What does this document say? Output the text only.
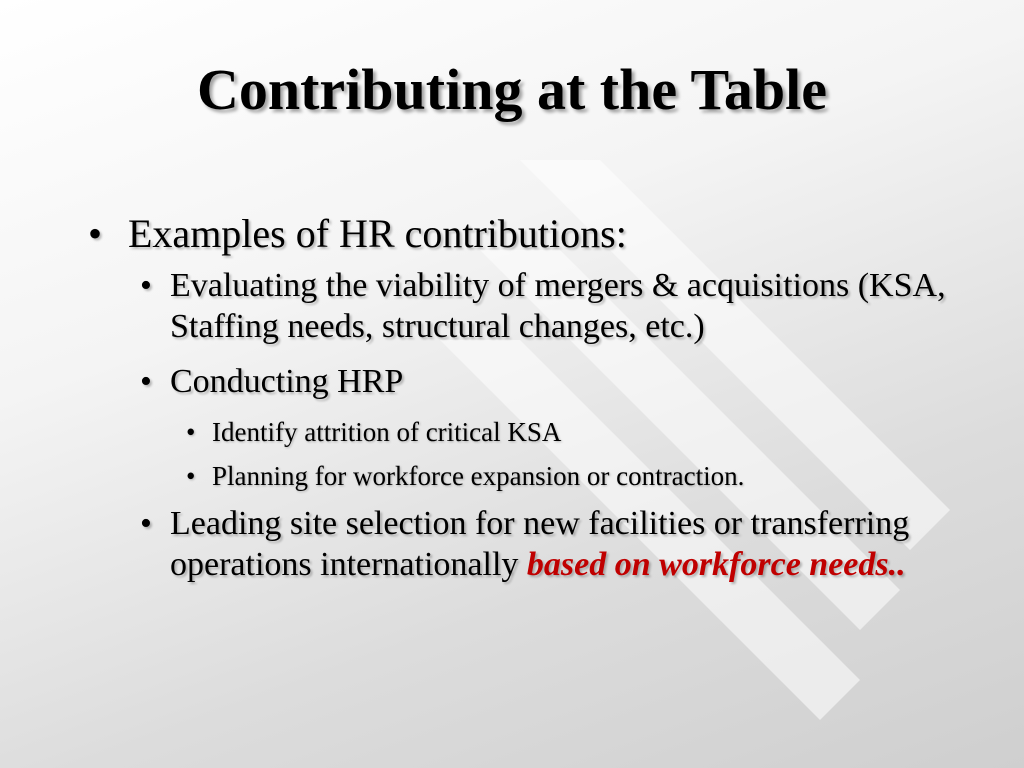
Contributing at the Table
• Examples of HR contributions:
• Evaluating the viability of mergers & acquisitions (KSA, Staffing needs, structural changes, etc.)
• Conducting HRP
• Identify attrition of critical KSA
• Planning for workforce expansion or contraction.
• Leading site selection for new facilities or transferring operations internationally based on workforce needs..
